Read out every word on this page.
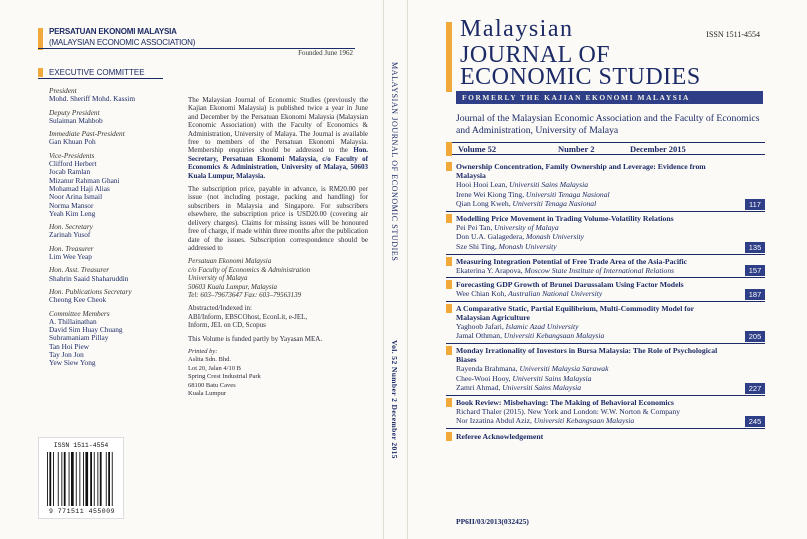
PERSATUAN EKONOMI MALAYSIA
(MALAYSIAN ECONOMIC ASSOCIATION)
Founded June 1962
EXECUTIVE COMMITTEE
President
Mohd. Sheriff Mohd. Kassim
Deputy President
Sulaiman Mahbob
Immediate Past-President
Gan Khuan Poh
Vice-Presidents
Clifford Herbert
Jocab Ramlan
Mizanur Rahman Ghani
Mohamad Haji Alias
Noor Arina Ismail
Norma Mansor
Yeah Kim Leng
Hon. Secretary
Zarinah Yusof
Hon. Treasurer
Lim Wee Yeap
Hon. Asst. Treasurer
Shahrin Saaid Shaharuddin
Hon. Publications Secretary
Cheong Kee Cheok
Committee Members
A. Thillainathan
David Sim Huay Chuang
Subramaniam Pillay
Tan Hoi Piew
Tay Jon Jon
Yew Siew Yong
ISSN 1511-4554
9 771511 455009

The Malaysian Journal of Economic Studies (previously the Kajian Ekonomi Malaysia) is published twice a year in June and December by the Persatuan Ekonomi Malaysia (Malaysian Economic Association) with the Faculty of Economics & Administration, University of Malaya. The Journal is available free to members of the Persatuan Ekonomi Malaysia. Membership enquiries should be addressed to the Hon. Secretary, Persatuan Ekonomi Malaysia, c/o Faculty of Economics & Administration, University of Malaya, 50603 Kuala Lumpur, Malaysia.

The subscription price, payable in advance, is RM20.00 per issue (not including postage, packing and handling) for subscribers in Malaysia and Singapore. For subscribers elsewhere, the subscription price is USD20.00 (covering air delivery charges). Claims for missing issues will be honoured free of charge, if made within three months after the publication date of the issues. Subscription correspondence should be addressed to

Persatuan Ekonomi Malaysia
c/o Faculty of Economics & Administration
University of Malaya
50603 Kuala Lumpur, Malaysia
Tel: 603–79673647 Fax: 603–79563139
Abstracted/Indexed in:
ABI/Inform, EBSCOhost, EconLit, e-JEL,
Inform, JEL on CD, Scopus
This Volume is funded partly by Yayasan MEA.
Printed by:
Aslita Sdn. Bhd.
Lot 20, Jalan 4/10 B
Spring Crest Industrial Park
68100 Batu Caves
Kuala Lumpur
MALAYSIAN JOURNAL OF ECONOMIC STUDIES
Vol. 52 Number 2 December 2015
ISSN 1511-4554
Malaysian
JOURNAL OF
ECONOMIC STUDIES
FORMERLY THE KAJIAN EKONOMI MALAYSIA
Journal of the Malaysian Economic Association and the Faculty of Economics and Administration, University of Malaya
Volume 52	Number 2	December 2015
Ownership Concentration, Family Ownership and Leverage: Evidence from Malaysia
Hooi Hooi Lean, Universiti Sains Malaysia
Irene Wei Kiong Ting, Universiti Tenaga Nasional
Qian Long Kweh, Universiti Tenaga Nasional	117
Modelling Price Movement in Trading Volume-Volatility Relations
Pei Pei Tan, University of Malaya
Don U.A. Galagedera, Monash University
Sze Shi Ting, Monash University	135
Measuring Integration Potential of Free Trade Area of the Asia-Pacific
Ekaterina Y. Arapova, Moscow State Institute of International Relations	157
Forecasting GDP Growth of Brunei Darussalam Using Factor Models
Wee Chian Koh, Australian National University	187
A Comparative Static, Partial Equilibrium, Multi-Commodity Model for Malaysian Agriculture
Yaghoob Jafari, Islamic Azad University
Jamal Othman, Universiti Kebangsaan Malaysia	205
Monday Irrationality of Investors in Bursa Malaysia: The Role of Psychological Biases
Rayenda Brahmana, Universiti Malaysia Sarawak
Chee-Wooi Hooy, Universiti Sains Malaysia
Zamri Ahmad, Universiti Sains Malaysia	227
Book Review: Misbehaving: The Making of Behavioral Economics
Richard Thaler (2015). New York and London: W.W. Norton & Company
Nor Izzatina Abdul Aziz, Universiti Kebangsaan Malaysia	245
Referee Acknowledgement
PP6II/03/2013(032425)
